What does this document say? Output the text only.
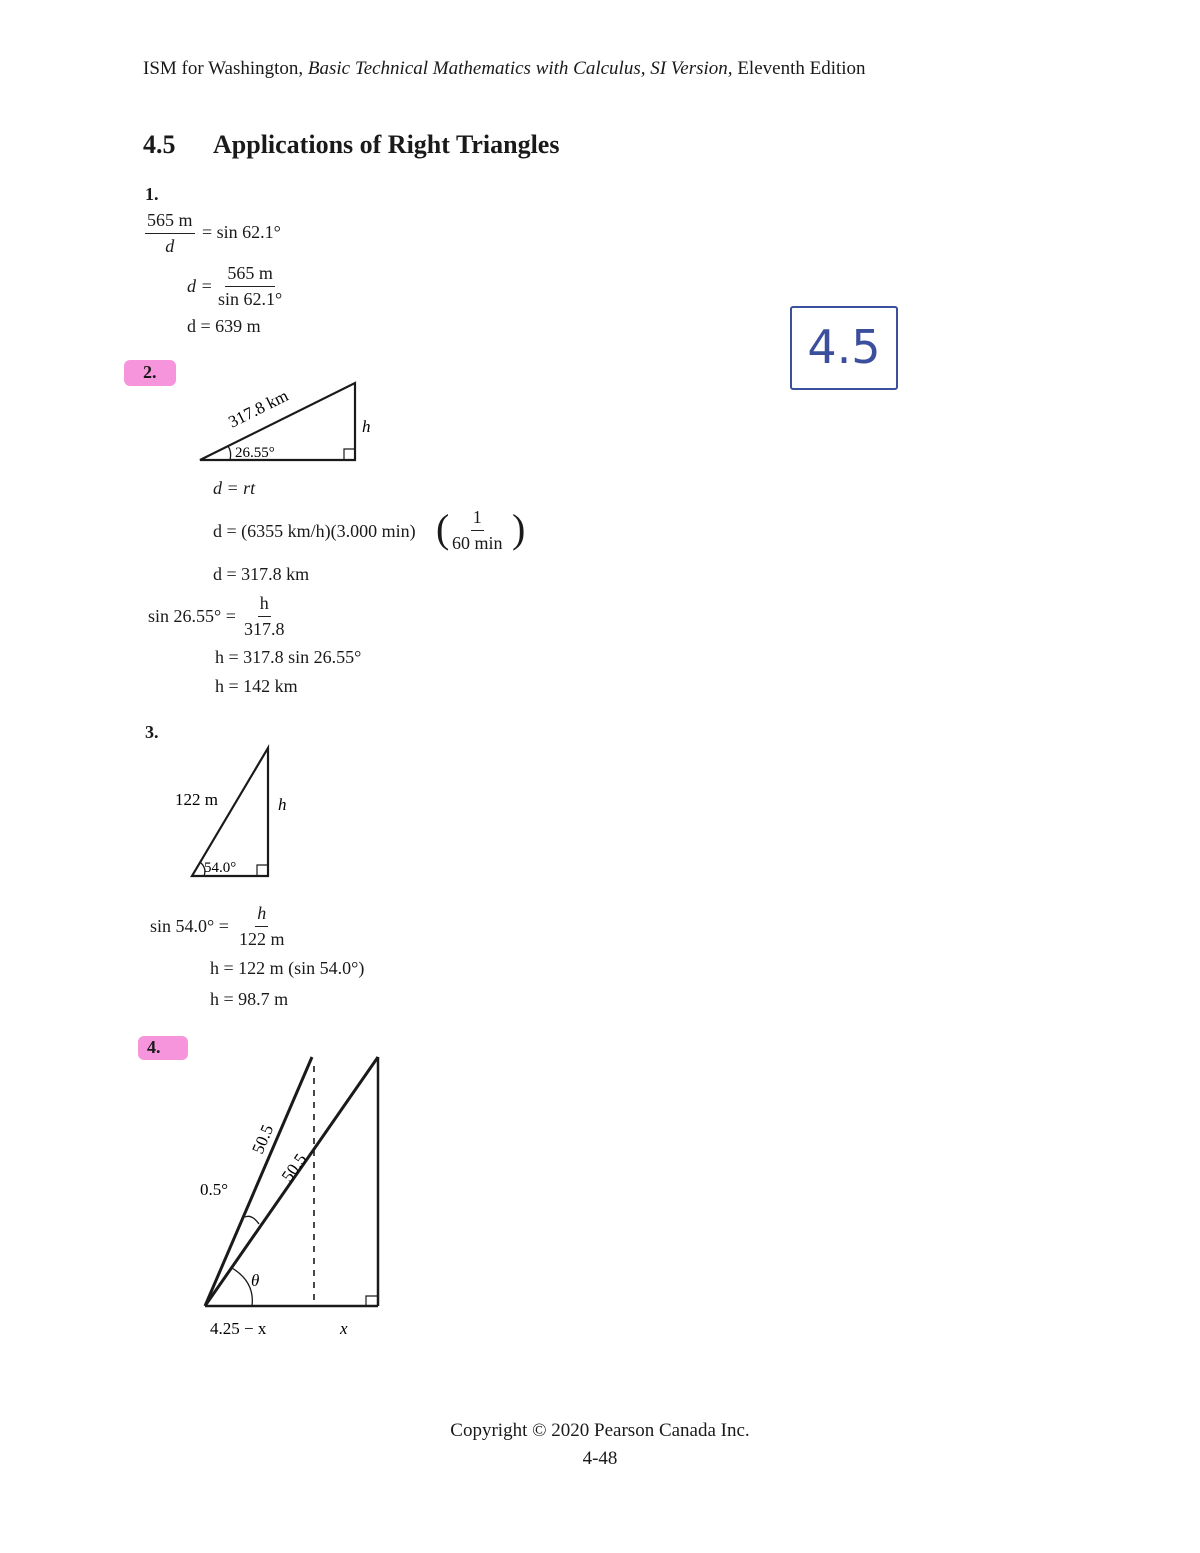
ISM for Washington, Basic Technical Mathematics with Calculus, SI Version, Eleventh Edition
4.5 Applications of Right Triangles
4.5
1.
$\frac{565 m}{d} = \sin 62.1^\circ$
$d = \frac{565 m}{\sin 62.1^\circ}$
d = 639 m
2.
3.
4.
317.8 km	h
26.55°
122 m	h
54.0°
50.5
50.5
0.5°
θ
4.25 − x	x
d = rt
d = (6355 km/h)(3.000 min) ( 1
60 min )
d = 317.8 km
$\sin 26.55^\circ = \frac{h}{317.8}$
h = 317.8 sin 26.55°
h = 142 km
$\sin 54.0^\circ = \frac{h}{122 m}$
h = 122 m (sin 54.0°)
h = 98.7 m
Copyright © 2020 Pearson Canada Inc.
4-48
